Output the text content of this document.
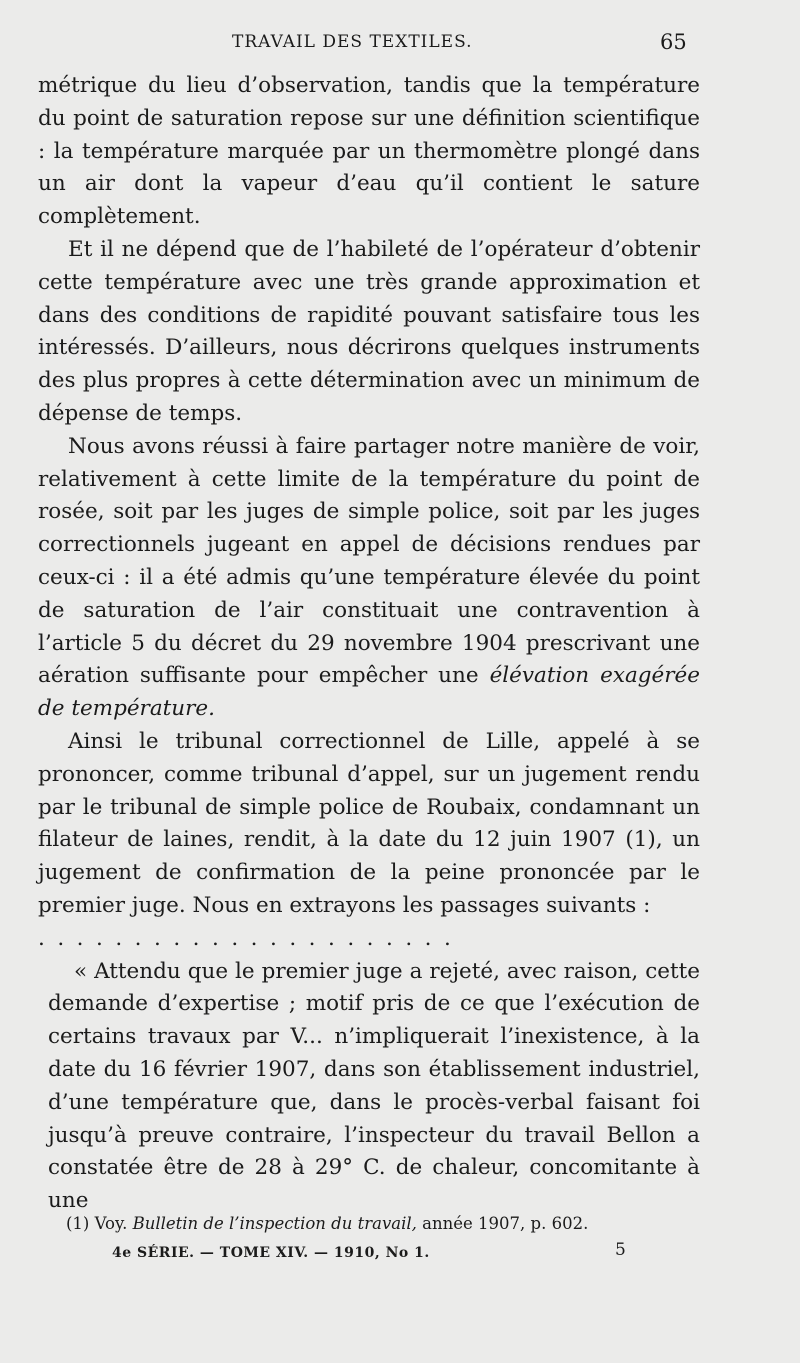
TRAVAIL DES TEXTILES.	65

métrique du lieu d’observation, tandis que la température du point de saturation repose sur une définition scientifique : la température marquée par un thermomètre plongé dans un air dont la vapeur d’eau qu’il contient le sature complètement.

Et il ne dépend que de l’habileté de l’opérateur d’obtenir cette température avec une très grande approximation et dans des conditions de rapidité pouvant satisfaire tous les intéressés. D’ailleurs, nous décrirons quelques instruments des plus propres à cette détermination avec un minimum de dépense de temps.

Nous avons réussi à faire partager notre manière de voir, relativement à cette limite de la température du point de rosée, soit par les juges de simple police, soit par les juges correctionnels jugeant en appel de décisions rendues par ceux-ci : il a été admis qu’une température élevée du point de saturation de l’air constituait une contravention à l’article 5 du décret du 29 novembre 1904 prescrivant une aération suffisante pour empêcher une élévation exagérée de température.

Ainsi le tribunal correctionnel de Lille, appelé à se prononcer, comme tribunal d’appel, sur un jugement rendu par le tribunal de simple police de Roubaix, condamnant un filateur de laines, rendit, à la date du 12 juin 1907 (1), un jugement de confirmation de la peine prononcée par le premier juge. Nous en extrayons les passages suivants :

......................

« Attendu que le premier juge a rejeté, avec raison, cette demande d’expertise ; motif pris de ce que l’exécution de certains travaux par V... n’impliquerait l’inexistence, à la date du 16 février 1907, dans son établissement industriel, d’une température que, dans le procès-verbal faisant foi jusqu’à preuve contraire, l’inspecteur du travail Bellon a constatée être de 28 à 29° C. de chaleur, concomitante à une

(1) Voy. Bulletin de l’inspection du travail, année 1907, p. 602.
4e SÉRIE. — TOME XIV. — 1910, No 1.	5
